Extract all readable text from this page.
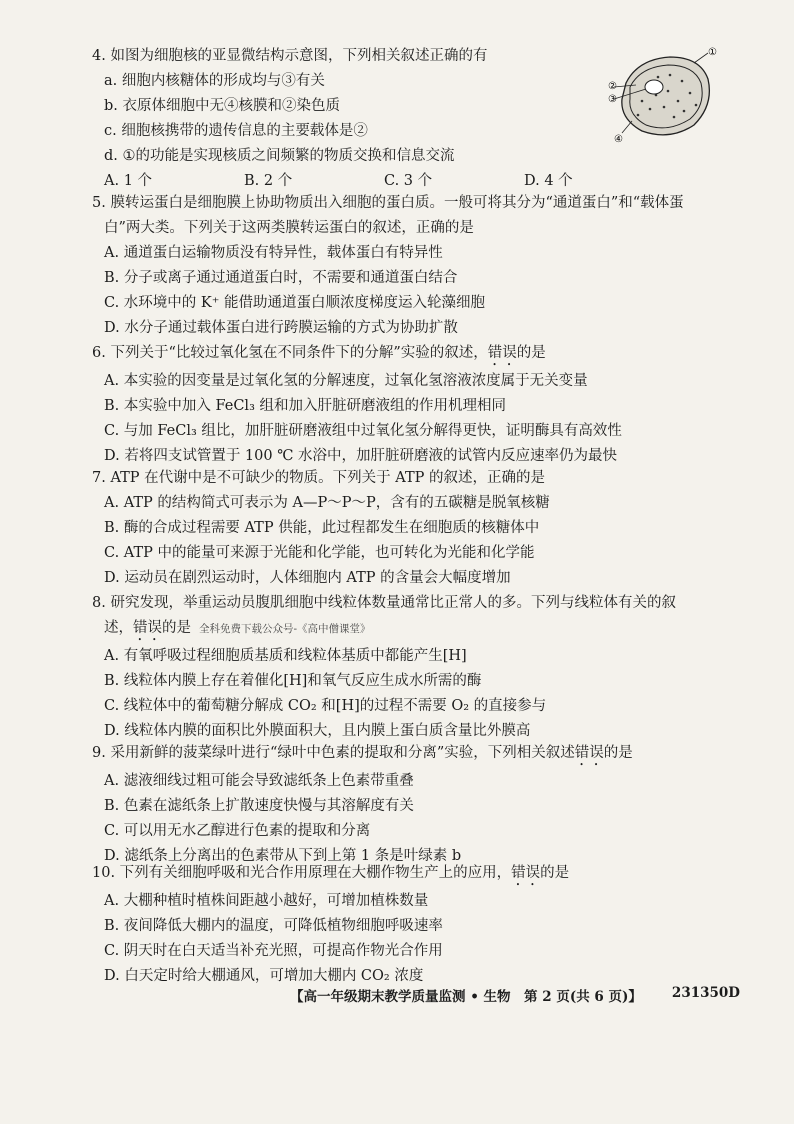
4. 如图为细胞核的亚显微结构示意图，下列相关叙述正确的有

a. 细胞内核糖体的形成均与③有关

b. 衣原体细胞中无④核膜和②染色质

c. 细胞核携带的遗传信息的主要载体是②

d. ①的功能是实现核质之间频繁的物质交换和信息交流

A. 1 个	B. 2 个	C. 3 个	D. 4 个
①
②
③
④

5. 膜转运蛋白是细胞膜上协助物质出入细胞的蛋白质。一般可将其分为“通道蛋白”和“载体蛋

白”两大类。下列关于这两类膜转运蛋白的叙述，正确的是

A. 通道蛋白运输物质没有特异性，载体蛋白有特异性

B. 分子或离子通过通道蛋白时，不需要和通道蛋白结合

C. 水环境中的 K⁺ 能借助通道蛋白顺浓度梯度运入轮藻细胞

D. 水分子通过载体蛋白进行跨膜运输的方式为协助扩散

6. 下列关于“比较过氧化氢在不同条件下的分解”实验的叙述，错误的是

A. 本实验的因变量是过氧化氢的分解速度，过氧化氢溶液浓度属于无关变量

B. 本实验中加入 FeCl₃ 组和加入肝脏研磨液组的作用机理相同

C. 与加 FeCl₃ 组比，加肝脏研磨液组中过氧化氢分解得更快，证明酶具有高效性

D. 若将四支试管置于 100 ℃ 水浴中，加肝脏研磨液的试管内反应速率仍为最快

7. ATP 在代谢中是不可缺少的物质。下列关于 ATP 的叙述，正确的是

A. ATP 的结构简式可表示为 A—P～P～P，含有的五碳糖是脱氧核糖

B. 酶的合成过程需要 ATP 供能，此过程都发生在细胞质的核糖体中

C. ATP 中的能量可来源于光能和化学能，也可转化为光能和化学能

D. 运动员在剧烈运动时，人体细胞内 ATP 的含量会大幅度增加

8. 研究发现，举重运动员腹肌细胞中线粒体数量通常比正常人的多。下列与线粒体有关的叙

述，错误的是 全科免费下载公众号-《高中僧课堂》

A. 有氧呼吸过程细胞质基质和线粒体基质中都能产生[H]

B. 线粒体内膜上存在着催化[H]和氧气反应生成水所需的酶

C. 线粒体中的葡萄糖分解成 CO₂ 和[H]的过程不需要 O₂ 的直接参与

D. 线粒体内膜的面积比外膜面积大，且内膜上蛋白质含量比外膜高

9. 采用新鲜的菠菜绿叶进行“绿叶中色素的提取和分离”实验，下列相关叙述错误的是

A. 滤液细线过粗可能会导致滤纸条上色素带重叠

B. 色素在滤纸条上扩散速度快慢与其溶解度有关

C. 可以用无水乙醇进行色素的提取和分离

D. 滤纸条上分离出的色素带从下到上第 1 条是叶绿素 b

10. 下列有关细胞呼吸和光合作用原理在大棚作物生产上的应用，错误的是

A. 大棚种植时植株间距越小越好，可增加植株数量

B. 夜间降低大棚内的温度，可降低植物细胞呼吸速率

C. 阴天时在白天适当补充光照，可提高作物光合作用

D. 白天定时给大棚通风，可增加大棚内 CO₂ 浓度

【高一年级期末教学质量监测 • 生物　第 2 页(共 6 页)】 231350D
